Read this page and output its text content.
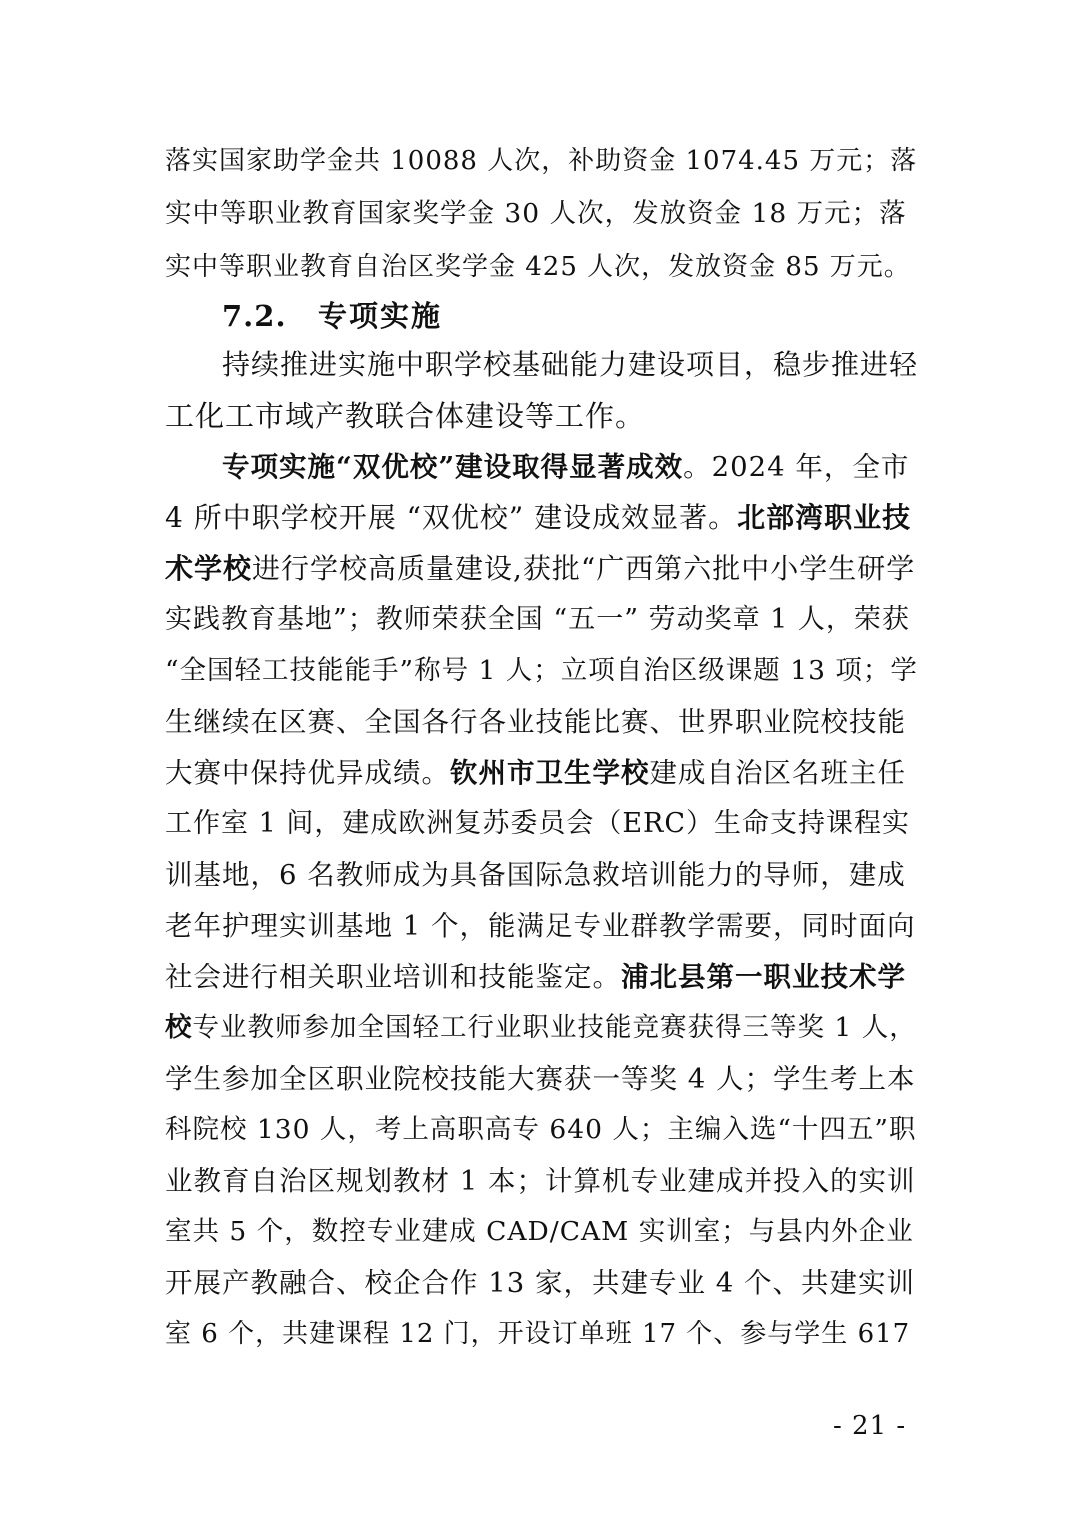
落实国家助学金共 10088 人次，补助资金 1074.45 万元；落
实中等职业教育国家奖学金 30 人次，发放资金 18 万元；落
实中等职业教育自治区奖学金 425 人次，发放资金 85 万元。
7.2. 专项实施
持续推进实施中职学校基础能力建设项目，稳步推进轻
工化工市域产教联合体建设等工作。
专项实施“双优校”建设取得显著成效。2024 年，全市
4 所中职学校开展 “双优校” 建设成效显著。北部湾职业技
术学校进行学校高质量建设,获批“广西第六批中小学生研学
实践教育基地”；教师荣获全国 “五一” 劳动奖章 1 人，荣获
“全国轻工技能能手”称号 1 人；立项自治区级课题 13 项；学
生继续在区赛、全国各行各业技能比赛、世界职业院校技能
大赛中保持优异成绩。钦州市卫生学校建成自治区名班主任
工作室 1 间，建成欧洲复苏委员会（ERC）生命支持课程实
训基地，6 名教师成为具备国际急救培训能力的导师，建成
老年护理实训基地 1 个，能满足专业群教学需要，同时面向
社会进行相关职业培训和技能鉴定。浦北县第一职业技术学
校专业教师参加全国轻工行业职业技能竞赛获得三等奖 1 人，
学生参加全区职业院校技能大赛获一等奖 4 人；学生考上本
科院校 130 人，考上高职高专 640 人；主编入选“十四五”职
业教育自治区规划教材 1 本；计算机专业建成并投入的实训
室共 5 个，数控专业建成 CAD/CAM 实训室；与县内外企业
开展产教融合、校企合作 13 家，共建专业 4 个、共建实训
室 6 个，共建课程 12 门，开设订单班 17 个、参与学生 617
- 21 -
